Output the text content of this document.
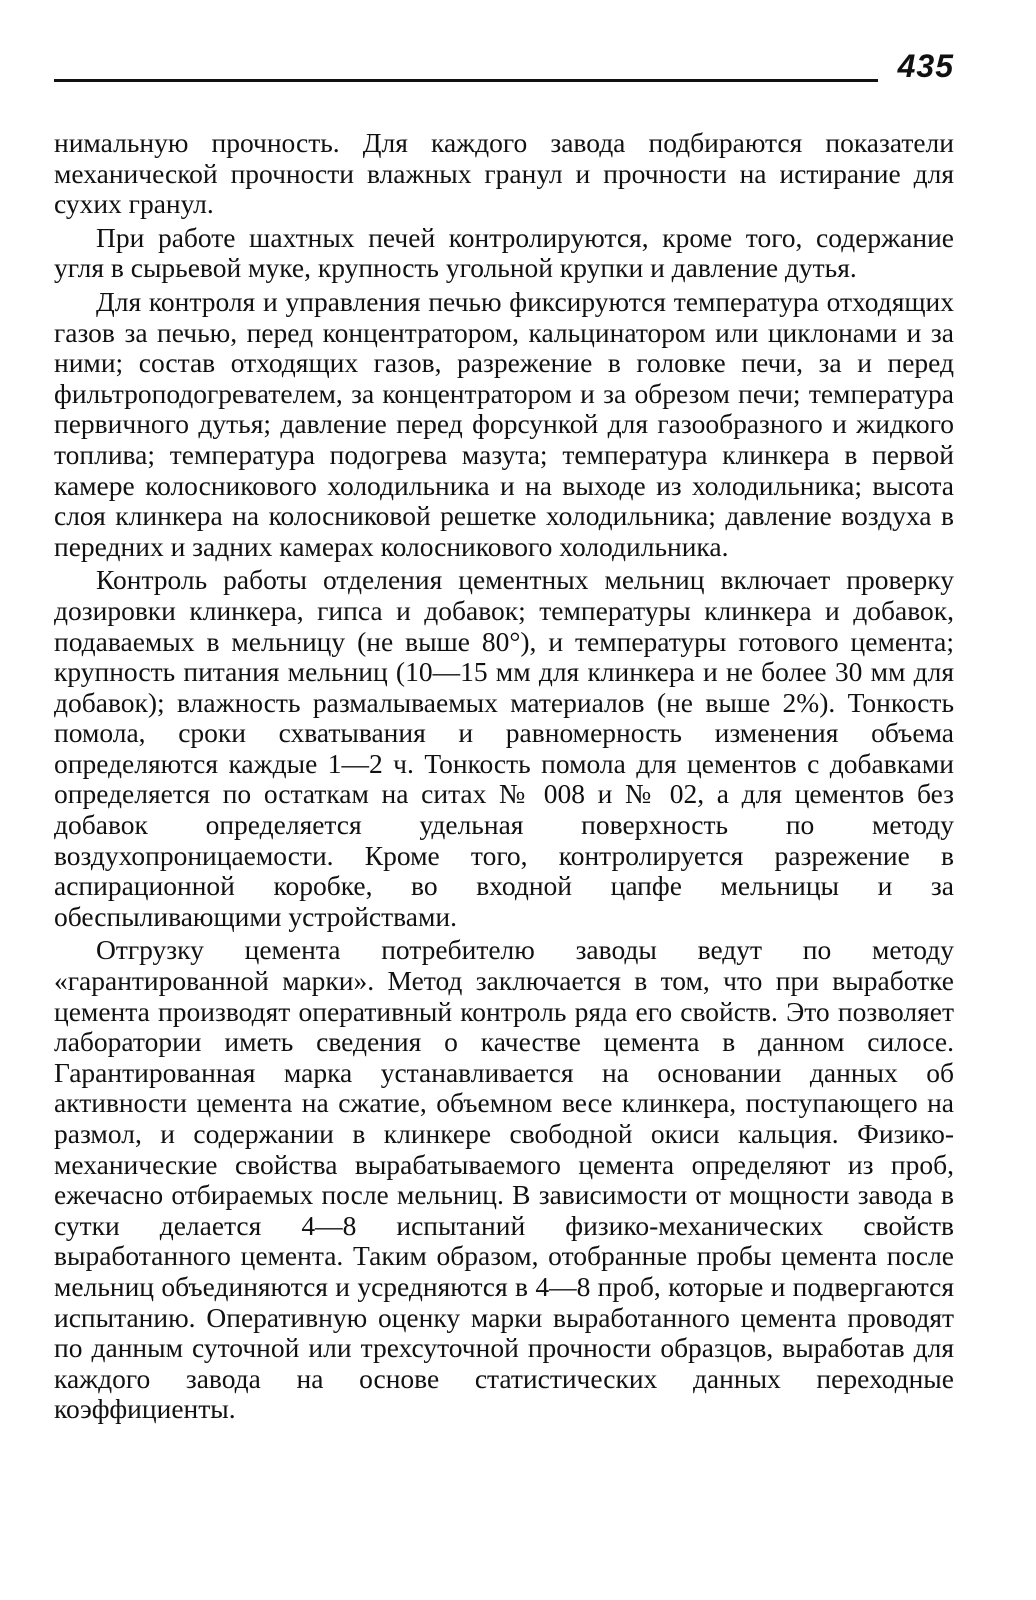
435

нимальную прочность. Для каждого завода подбираются показатели механической прочности влажных гранул и прочности на истирание для сухих гранул.

При работе шахтных печей контролируются, кроме того, содержание угля в сырьевой муке, крупность угольной крупки и давление дутья.

Для контроля и управления печью фиксируются температура отходящих газов за печью, перед концентратором, кальцинатором или циклонами и за ними; состав отходящих газов, разрежение в головке печи, за и перед фильтроподогревателем, за концентратором и за обрезом печи; температура первичного дутья; давление перед форсункой для газообразного и жидкого топлива; температура подогрева мазута; температура клинкера в первой камере колосникового холодильника и на выходе из холодильника; высота слоя клинкера на колосниковой решетке холодильника; давление воздуха в передних и задних камерах колосникового холодильника.

Контроль работы отделения цементных мельниц включает проверку дозировки клинкера, гипса и добавок; температуры клинкера и добавок, подаваемых в мельницу (не выше 80°), и температуры готового цемента; крупность питания мельниц (10—15 мм для клинкера и не более 30 мм для добавок); влажность размалываемых материалов (не выше 2%). Тонкость помола, сроки схватывания и равномерность изменения объема определяются каждые 1—2 ч. Тонкость помола для цементов с добавками определяется по остаткам на ситах № 008 и № 02, а для цементов без добавок определяется удельная поверхность по методу воздухопроницаемости. Кроме того, контролируется разрежение в аспирационной коробке, во входной цапфе мельницы и за обеспыливающими устройствами.

Отгрузку цемента потребителю заводы ведут по методу «гарантированной марки». Метод заключается в том, что при выработке цемента производят оперативный контроль ряда его свойств. Это позволяет лаборатории иметь сведения о качестве цемента в данном силосе. Гарантированная марка устанавливается на основании данных об активности цемента на сжатие, объемном весе клинкера, поступающего на размол, и содержании в клинкере свободной окиси кальция. Физико-механические свойства вырабатываемого цемента определяют из проб, ежечасно отбираемых после мельниц. В зависимости от мощности завода в сутки делается 4—8 испытаний физико-механических свойств выработанного цемента. Таким образом, отобранные пробы цемента после мельниц объединяются и усредняются в 4—8 проб, которые и подвергаются испытанию. Оперативную оценку марки выработанного цемента проводят по данным суточной или трехсуточной прочности образцов, выработав для каждого завода на основе статистических данных переходные коэффициенты.
